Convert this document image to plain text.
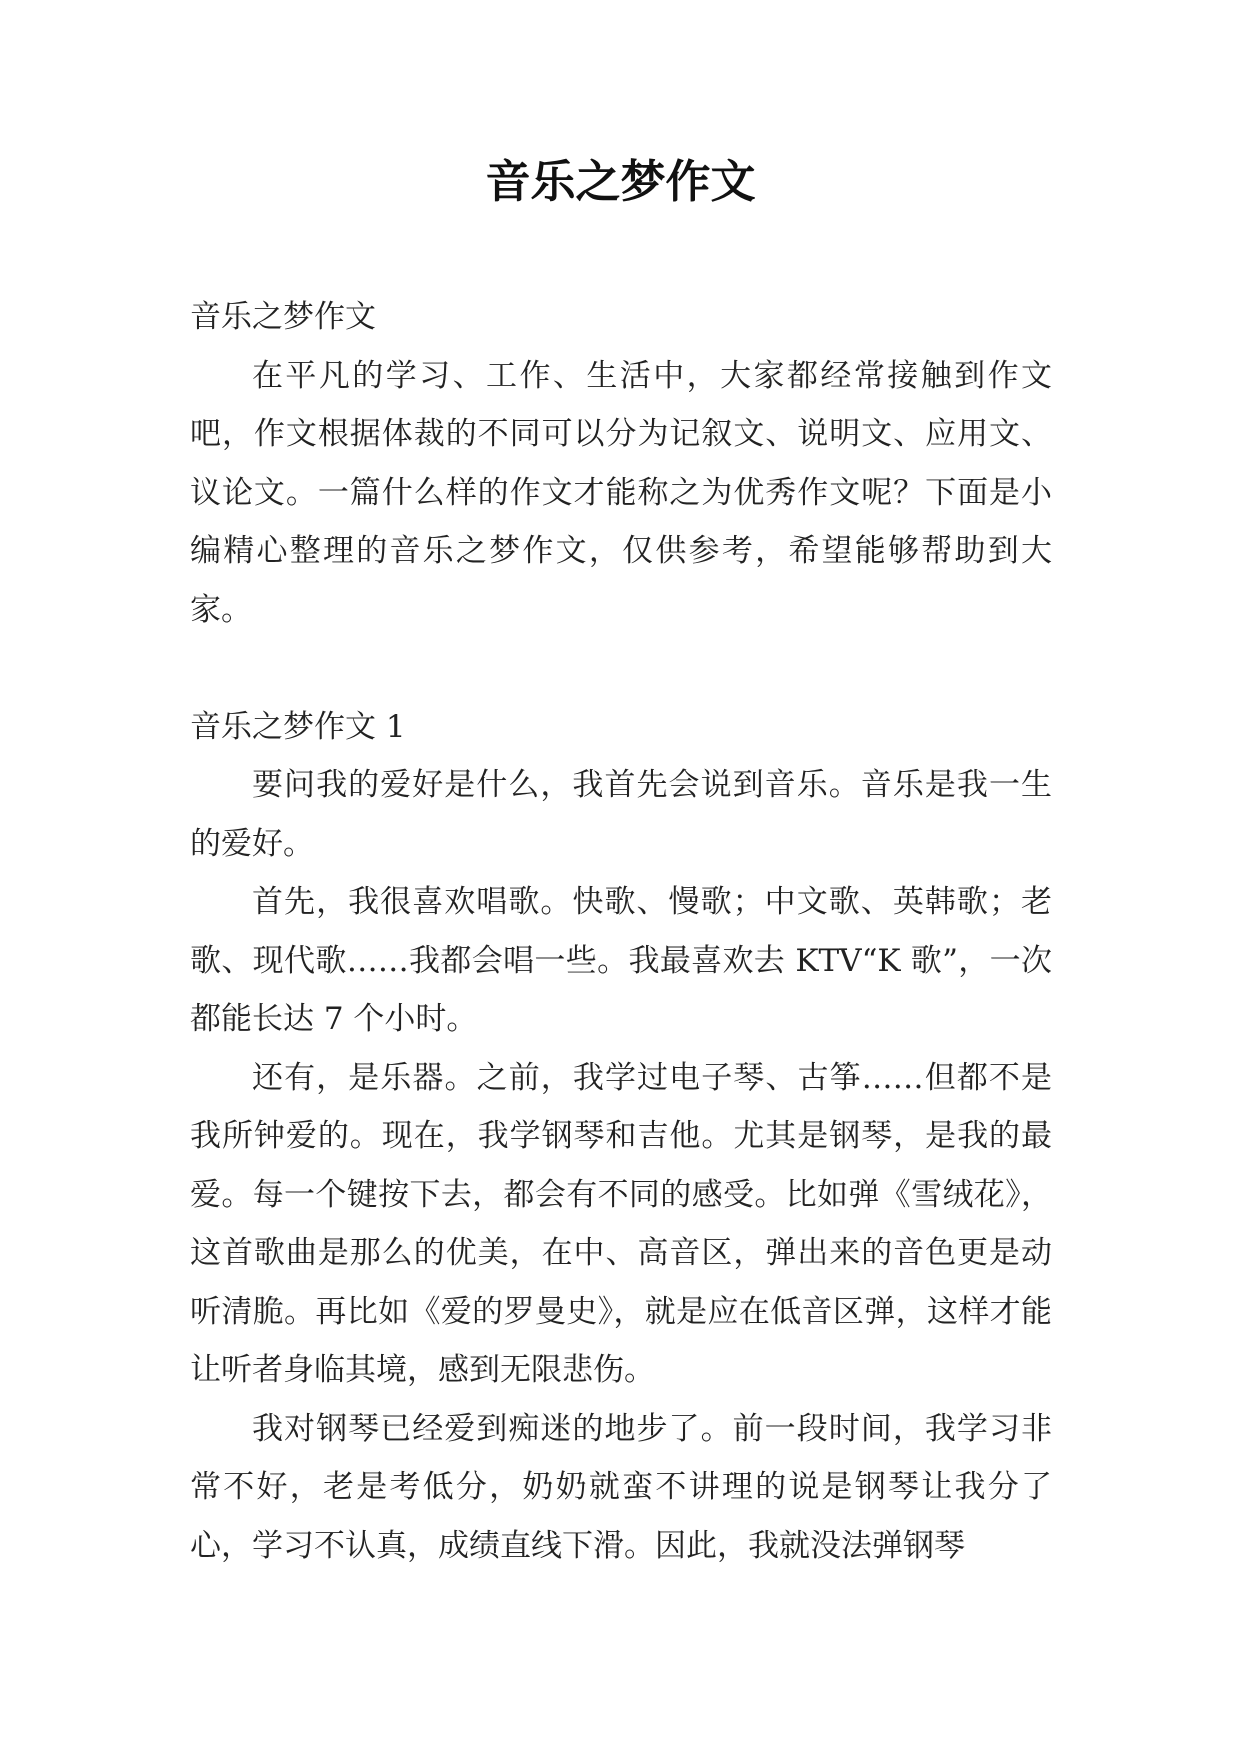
音乐之梦作文

音乐之梦作文

在平凡的学习、工作、生活中，大家都经常接触到作文吧，作文根据体裁的不同可以分为记叙文、说明文、应用文、议论文。一篇什么样的作文才能称之为优秀作文呢？下面是小编精心整理的音乐之梦作文，仅供参考，希望能够帮助到大家。

音乐之梦作文 1

要问我的爱好是什么，我首先会说到音乐。音乐是我一生的爱好。

首先，我很喜欢唱歌。快歌、慢歌；中文歌、英韩歌；老歌、现代歌……我都会唱一些。我最喜欢去 KTV“K 歌”，一次都能长达 7 个小时。

还有，是乐器。之前，我学过电子琴、古筝……但都不是我所钟爱的。现在，我学钢琴和吉他。尤其是钢琴，是我的最爱。每一个键按下去，都会有不同的感受。比如弹《雪绒花》，这首歌曲是那么的优美，在中、高音区，弹出来的音色更是动听清脆。再比如《爱的罗曼史》，就是应在低音区弹，这样才能让听者身临其境，感到无限悲伤。

我对钢琴已经爱到痴迷的地步了。前一段时间，我学习非常不好，老是考低分，奶奶就蛮不讲理的说是钢琴让我分了心，学习不认真，成绩直线下滑。因此，我就没法弹钢琴
